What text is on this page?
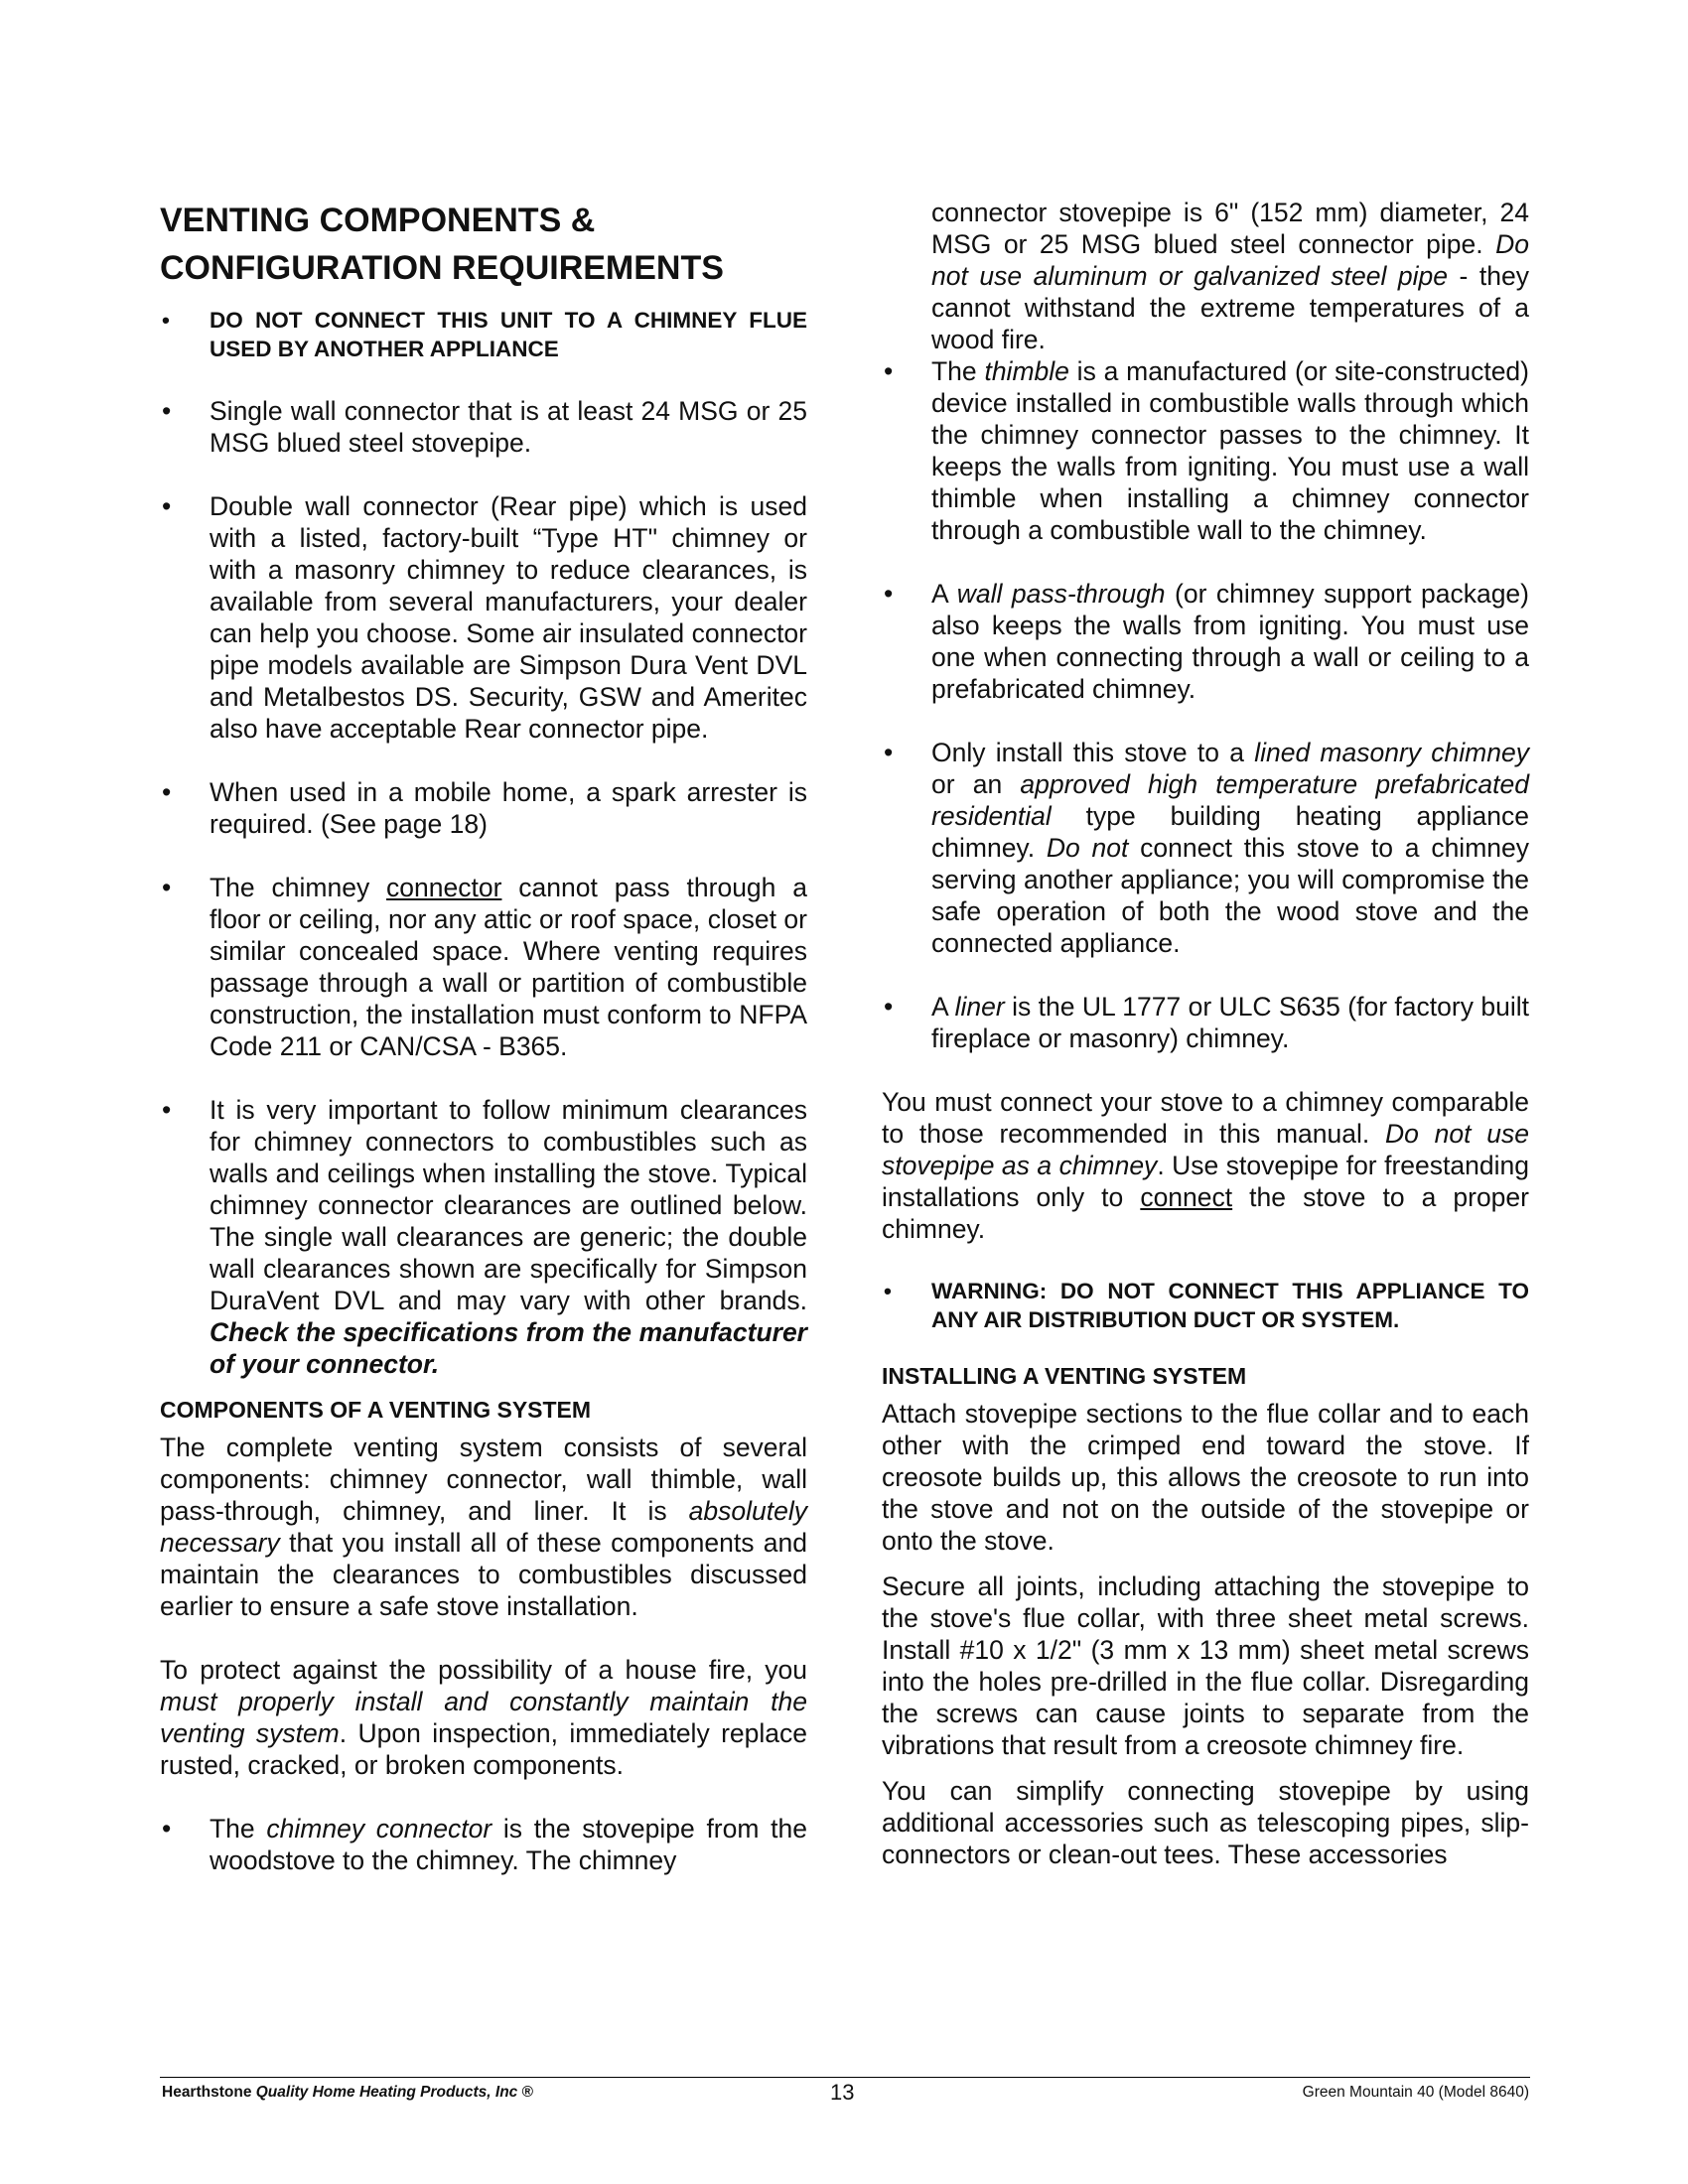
VENTING COMPONENTS &
CONFIGURATION REQUIREMENTS
• DO NOT CONNECT THIS UNIT TO A CHIMNEY FLUE USED BY ANOTHER APPLIANCE
• Single wall connector that is at least 24 MSG or 25 MSG blued steel stovepipe.
• Double wall connector (Rear pipe) which is used with a listed, factory-built “Type HT" chimney or with a masonry chimney to reduce clearances, is available from several manufacturers, your dealer can help you choose. Some air insulated connector pipe models available are Simpson Dura Vent DVL and Metalbestos DS. Security, GSW and Ameritec also have acceptable Rear connector pipe.
• When used in a mobile home, a spark arrester is required. (See page 18)
• The chimney connector cannot pass through a floor or ceiling, nor any attic or roof space, closet or similar concealed space. Where venting requires passage through a wall or partition of combustible construction, the installation must conform to NFPA Code 211 or CAN/CSA - B365.
• It is very important to follow minimum clearances for chimney connectors to combustibles such as walls and ceilings when installing the stove. Typical chimney connector clearances are outlined below. The single wall clearances are generic; the double wall clearances shown are specifically for Simpson DuraVent DVL and may vary with other brands. Check the specifications from the manufacturer of your connector.
COMPONENTS OF A VENTING SYSTEM

The complete venting system consists of several components: chimney connector, wall thimble, wall pass-through, chimney, and liner. It is absolutely necessary that you install all of these components and maintain the clearances to combustibles discussed earlier to ensure a safe stove installation.

To protect against the possibility of a house fire, you must properly install and constantly maintain the venting system. Upon inspection, immediately replace rusted, cracked, or broken components.

• The chimney connector is the stovepipe from the woodstove to the chimney. The chimney
connector stovepipe is 6" (152 mm) diameter, 24 MSG or 25 MSG blued steel connector pipe. Do not use aluminum or galvanized steel pipe - they cannot withstand the extreme temperatures of a wood fire.
• The thimble is a manufactured (or site-constructed) device installed in combustible walls through which the chimney connector passes to the chimney. It keeps the walls from igniting. You must use a wall thimble when installing a chimney connector through a combustible wall to the chimney.
• A wall pass-through (or chimney support package) also keeps the walls from igniting. You must use one when connecting through a wall or ceiling to a prefabricated chimney.
• Only install this stove to a lined masonry chimney or an approved high temperature prefabricated residential type building heating appliance chimney. Do not connect this stove to a chimney serving another appliance; you will compromise the safe operation of both the wood stove and the connected appliance.
• A liner is the UL 1777 or ULC S635 (for factory built fireplace or masonry) chimney.

You must connect your stove to a chimney comparable to those recommended in this manual. Do not use stovepipe as a chimney. Use stovepipe for freestanding installations only to connect the stove to a proper chimney.

• WARNING: DO NOT CONNECT THIS APPLIANCE TO ANY AIR DISTRIBUTION DUCT OR SYSTEM.
INSTALLING A VENTING SYSTEM

Attach stovepipe sections to the flue collar and to each other with the crimped end toward the stove. If creosote builds up, this allows the creosote to run into the stove and not on the outside of the stovepipe or onto the stove.

Secure all joints, including attaching the stovepipe to the stove's flue collar, with three sheet metal screws. Install #10 x 1/2" (3 mm x 13 mm) sheet metal screws into the holes pre-drilled in the flue collar. Disregarding the screws can cause joints to separate from the vibrations that result from a creosote chimney fire.

You can simplify connecting stovepipe by using additional accessories such as telescoping pipes, slip-connectors or clean-out tees. These accessories

Hearthstone Quality Home Heating Products, Inc ®	13	Green Mountain 40 (Model 8640)
